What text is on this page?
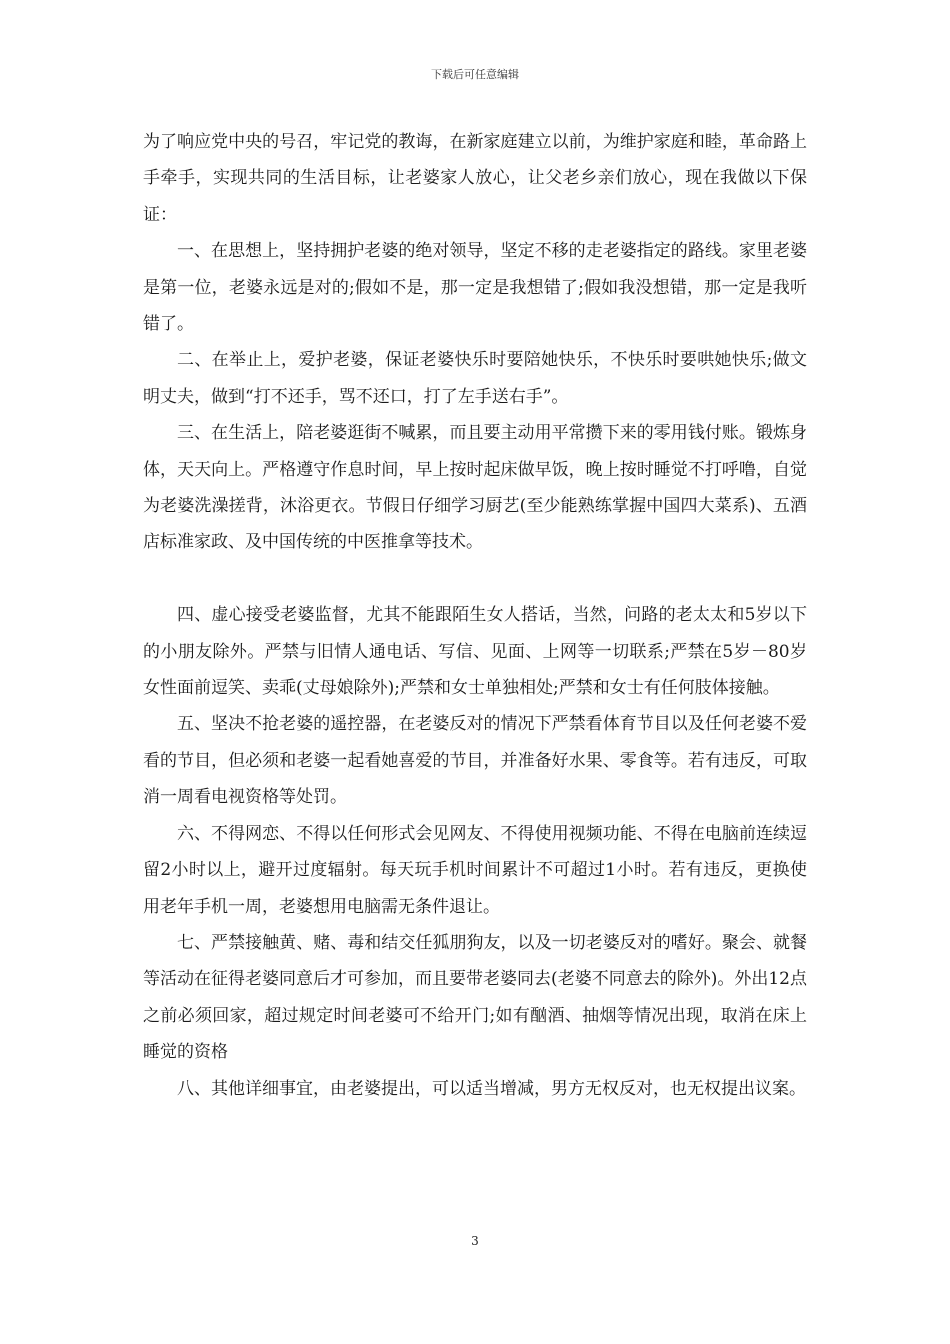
下载后可任意编辑

为了响应党中央的号召，牢记党的教诲，在新家庭建立以前，为维护家庭和睦，革命路上手牵手，实现共同的生活目标，让老婆家人放心，让父老乡亲们放心，现在我做以下保证：

一、在思想上，坚持拥护老婆的绝对领导，坚定不移的走老婆指定的路线。家里老婆是第一位，老婆永远是对的;假如不是，那一定是我想错了;假如我没想错，那一定是我听错了。

二、在举止上，爱护老婆，保证老婆快乐时要陪她快乐，不快乐时要哄她快乐;做文明丈夫，做到“打不还手，骂不还口，打了左手送右手”。

三、在生活上，陪老婆逛街不喊累，而且要主动用平常攒下来的零用钱付账。锻炼身体，天天向上。严格遵守作息时间，早上按时起床做早饭，晚上按时睡觉不打呼噜，自觉为老婆洗澡搓背，沐浴更衣。节假日仔细学习厨艺(至少能熟练掌握中国四大菜系)、五酒店标准家政、及中国传统的中医推拿等技术。

四、虚心接受老婆监督，尤其不能跟陌生女人搭话，当然，问路的老太太和5岁以下的小朋友除外。严禁与旧情人通电话、写信、见面、上网等一切联系;严禁在5岁－80岁女性面前逗笑、卖乖(丈母娘除外);严禁和女士单独相处;严禁和女士有任何肢体接触。

五、坚决不抢老婆的遥控器，在老婆反对的情况下严禁看体育节目以及任何老婆不爱看的节目，但必须和老婆一起看她喜爱的节目，并准备好水果、零食等。若有违反，可取消一周看电视资格等处罚。

六、不得网恋、不得以任何形式会见网友、不得使用视频功能、不得在电脑前连续逗留2小时以上，避开过度辐射。每天玩手机时间累计不可超过1小时。若有违反，更换使用老年手机一周，老婆想用电脑需无条件退让。

七、严禁接触黄、赌、毒和结交任狐朋狗友，以及一切老婆反对的嗜好。聚会、就餐等活动在征得老婆同意后才可参加，而且要带老婆同去(老婆不同意去的除外)。外出12点之前必须回家，超过规定时间老婆可不给开门;如有酗酒、抽烟等情况出现，取消在床上睡觉的资格

八、其他详细事宜，由老婆提出，可以适当增减，男方无权反对，也无权提出议案。

3
